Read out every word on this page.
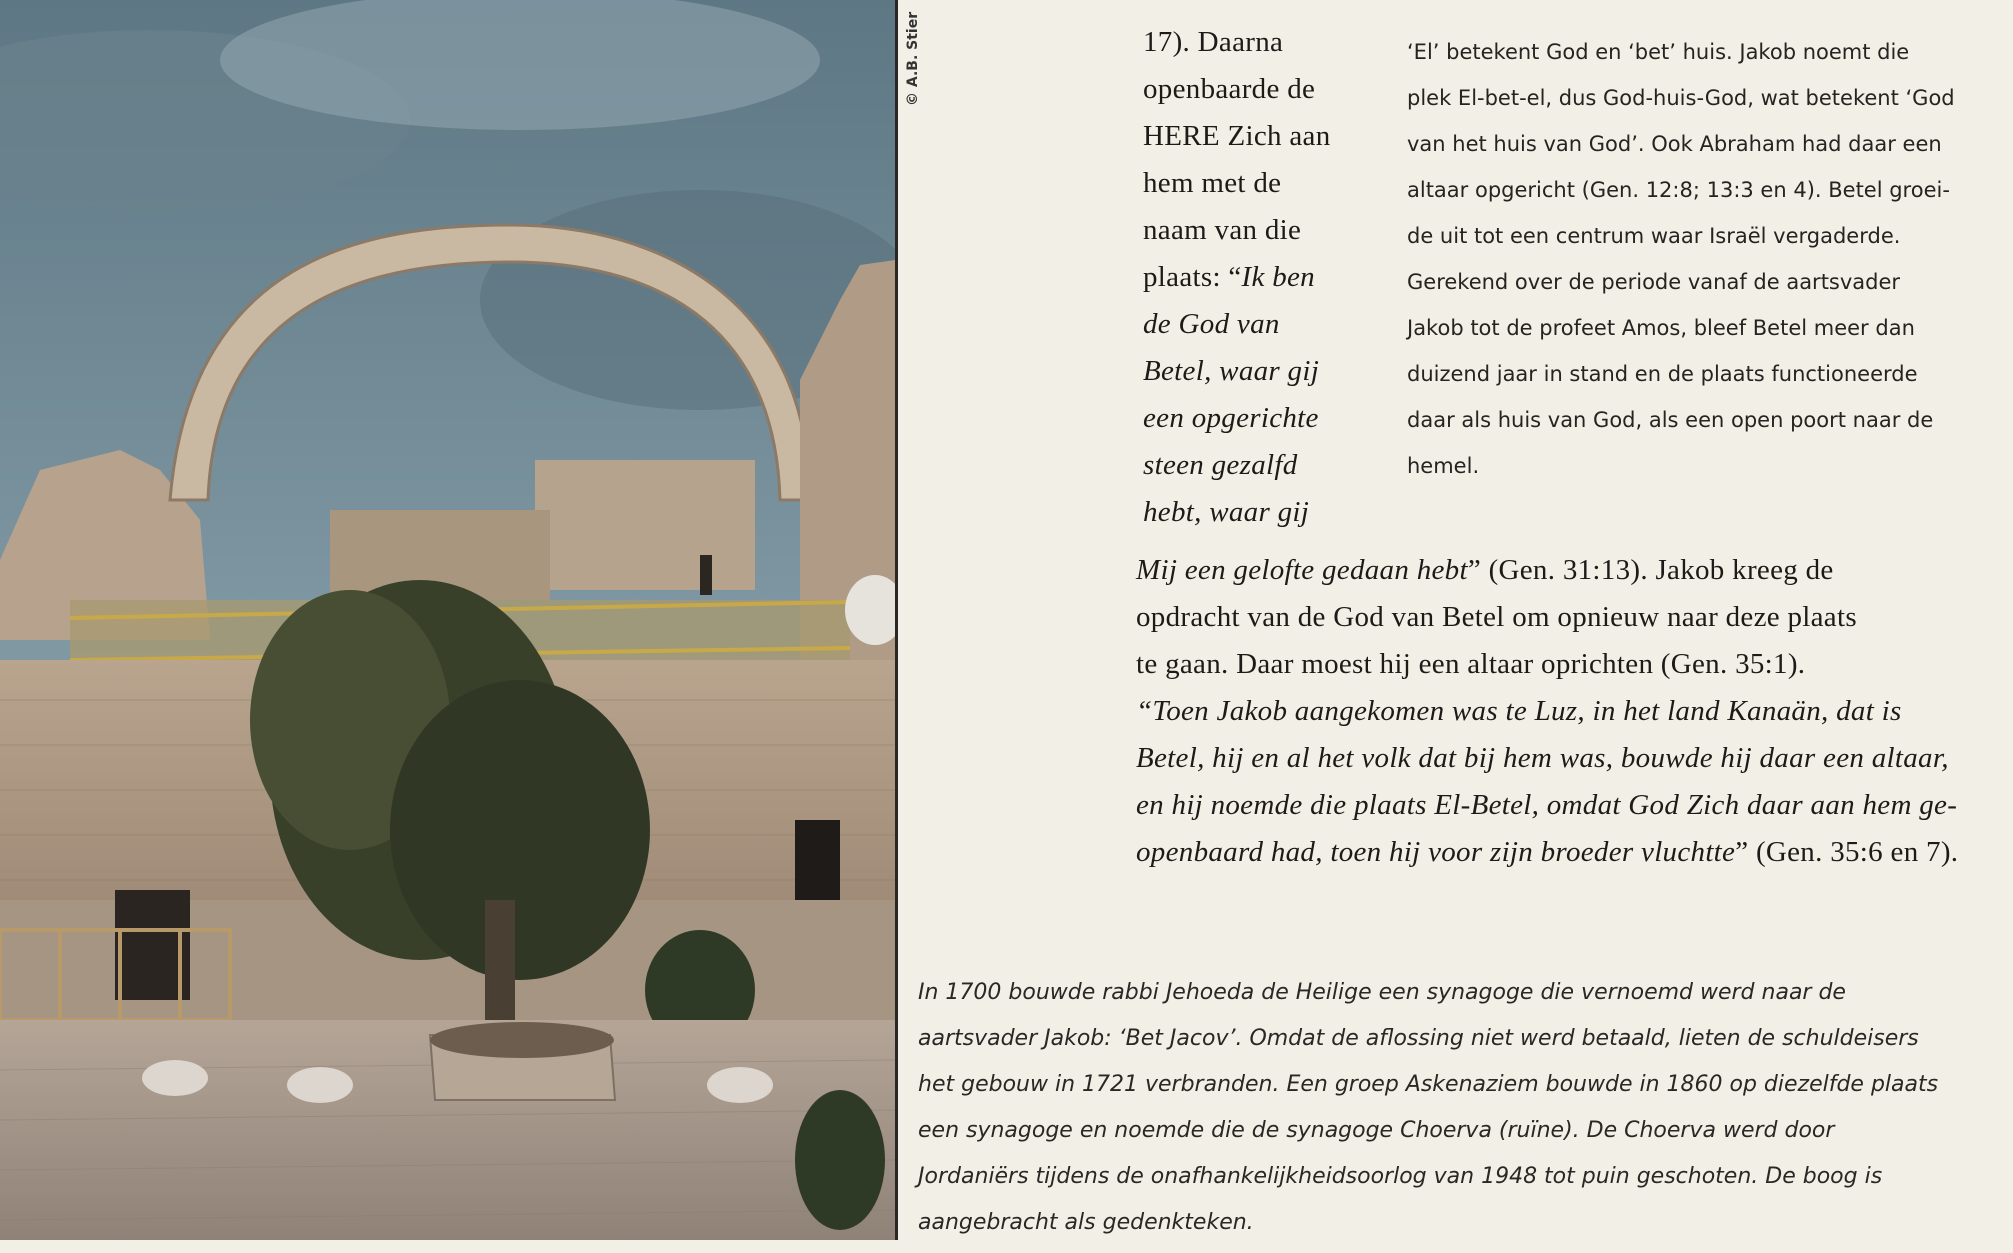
© A.B. Stier	17). Daarna
openbaarde de
HERE Zich aan
hem met de
naam van die
plaats: “Ik ben
de God van
Betel, waar gij
een opgerichte
steen gezalfd
hebt, waar gij
Mij een gelofte gedaan hebt” (Gen. 31:13). Jakob kreeg de
opdracht van de God van Betel om opnieuw naar deze plaats
te gaan. Daar moest hij een altaar oprichten (Gen. 35:1).
“Toen Jakob aangekomen was te Luz, in het land Kanaän, dat is
Betel, hij en al het volk dat bij hem was, bouwde hij daar een altaar,
en hij noemde die plaats El-Betel, omdat God Zich daar aan hem ge-
openbaard had, toen hij voor zijn broeder vluchtte” (Gen. 35:6 en 7).
‘El’ betekent God en ‘bet’ huis. Jakob noemt die
plek El-bet-el, dus God-huis-God, wat betekent ‘God
van het huis van God’. Ook Abraham had daar een
altaar opgericht (Gen. 12:8; 13:3 en 4). Betel groei-
de uit tot een centrum waar Israël vergaderde.
Gerekend over de periode vanaf de aartsvader
Jakob tot de profeet Amos, bleef Betel meer dan
duizend jaar in stand en de plaats functioneerde
daar als huis van God, als een open poort naar de
hemel.
In 1700 bouwde rabbi Jehoeda de Heilige een synagoge die vernoemd werd naar de
aartsvader Jakob: ‘Bet Jacov’. Omdat de aflossing niet werd betaald, lieten de schuldeisers
het gebouw in 1721 verbranden. Een groep Askenaziem bouwde in 1860 op diezelfde plaats
een synagoge en noemde die de synagoge Choerva (ruïne). De Choerva werd door
Jordaniërs tijdens de onafhankelijkheidsoorlog van 1948 tot puin geschoten. De boog is
aangebracht als gedenkteken.
